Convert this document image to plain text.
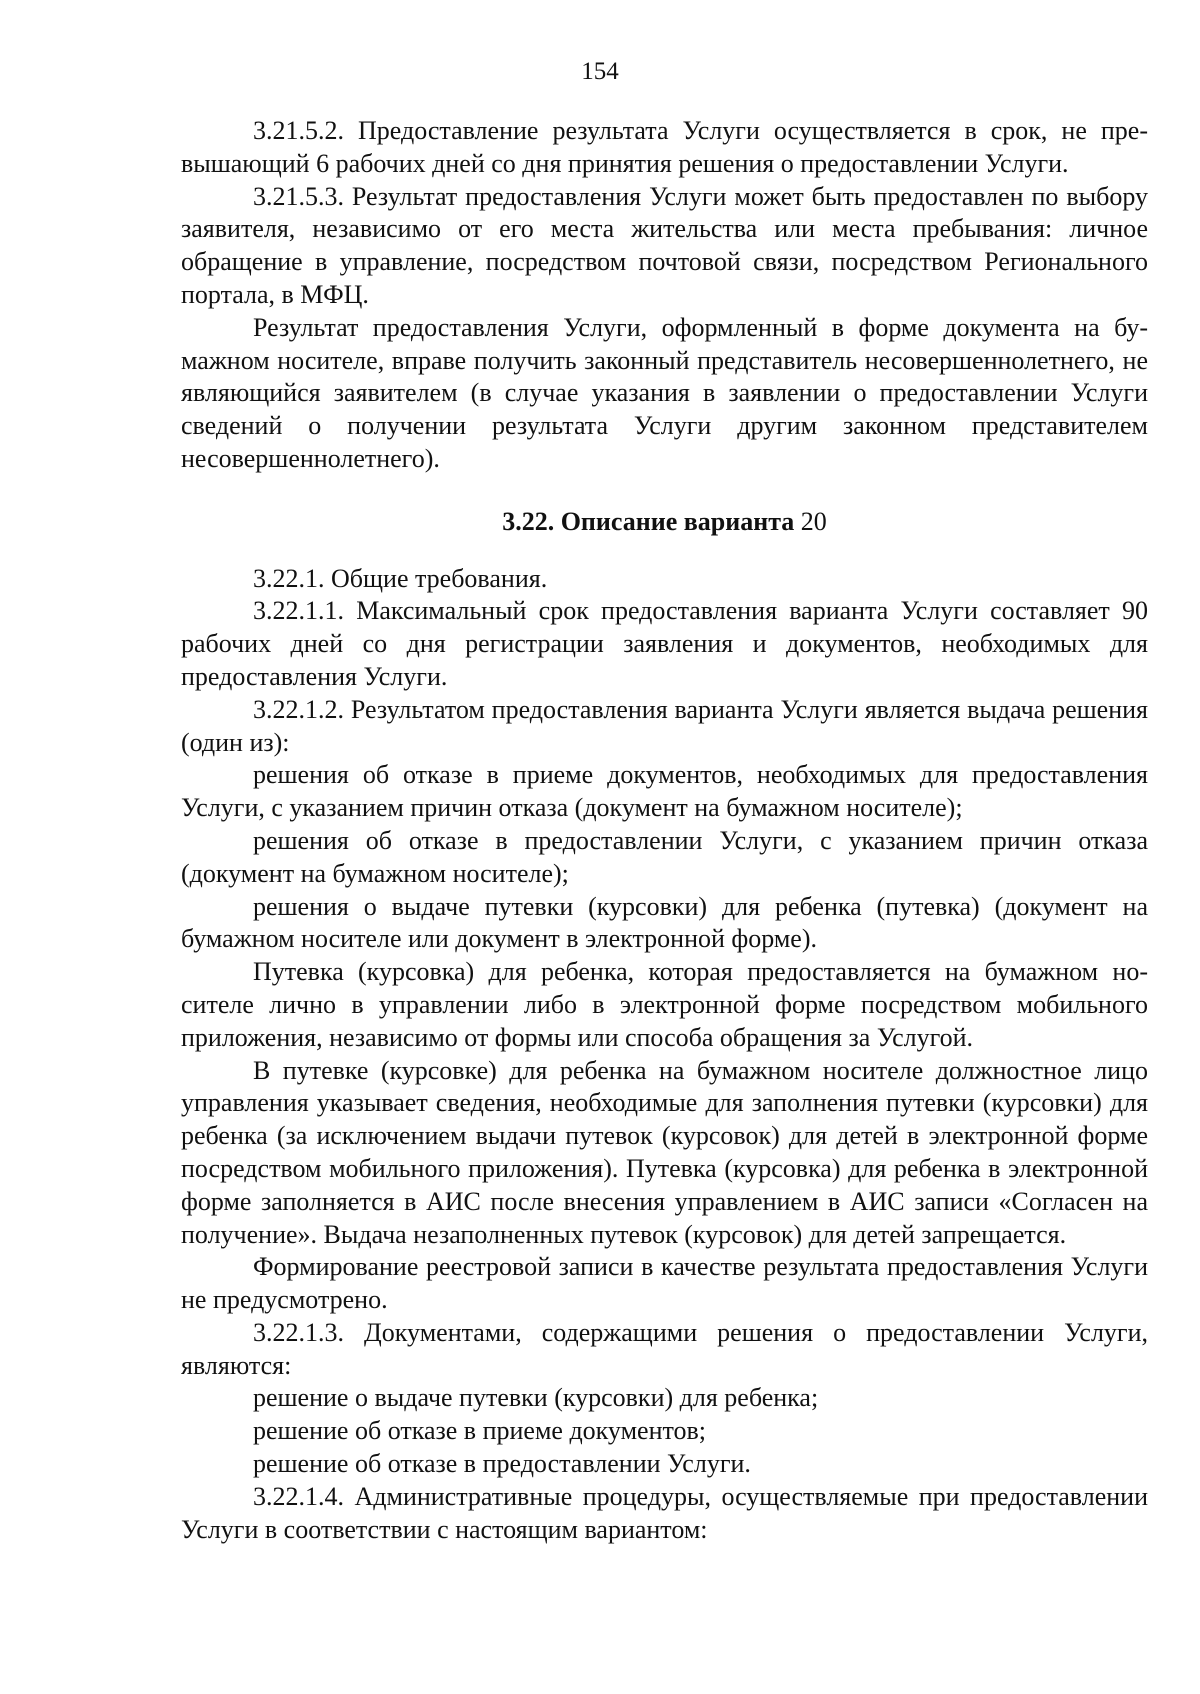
154

3.21.5.2. Предоставление результата Услуги осуществляется в срок, не превышающий 6 рабочих дней со дня принятия решения о предоставлении Услуги.

3.21.5.3. Результат предоставления Услуги может быть предоставлен по выбору заявителя, независимо от его места жительства или места пребывания: личное обращение в управление, посредством почтовой связи, посредством Регионального портала, в МФЦ.

Результат предоставления Услуги, оформленный в форме документа на бумажном носителе, вправе получить законный представитель несовершеннолетнего, не являющийся заявителем (в случае указания в заявлении о предоставлении Услуги сведений о получении результата Услуги другим законном представителем несовершеннолетнего).

3.22. Описание варианта 20

3.22.1. Общие требования.

3.22.1.1. Максимальный срок предоставления варианта Услуги составляет 90 рабочих дней со дня регистрации заявления и документов, необходимых для предоставления Услуги.

3.22.1.2. Результатом предоставления варианта Услуги является выдача решения (один из):

решения об отказе в приеме документов, необходимых для предоставления Услуги, с указанием причин отказа (документ на бумажном носителе);

решения об отказе в предоставлении Услуги, с указанием причин отказа (документ на бумажном носителе);

решения о выдаче путевки (курсовки) для ребенка (путевка) (документ на бумажном носителе или документ в электронной форме).

Путевка (курсовка) для ребенка, которая предоставляется на бумажном носителе лично в управлении либо в электронной форме посредством мобильного приложения, независимо от формы или способа обращения за Услугой.

В путевке (курсовке) для ребенка на бумажном носителе должностное лицо управления указывает сведения, необходимые для заполнения путевки (курсовки) для ребенка (за исключением выдачи путевок (курсовок) для детей в электронной форме посредством мобильного приложения). Путевка (курсовка) для ребенка в электронной форме заполняется в АИС после внесения управлением в АИС записи «Согласен на получение». Выдача незаполненных путевок (курсовок) для детей запрещается.

Формирование реестровой записи в качестве результата предоставления Услуги не предусмотрено.

3.22.1.3. Документами, содержащими решения о предоставлении Услуги, являются:

решение о выдаче путевки (курсовки) для ребенка;

решение об отказе в приеме документов;

решение об отказе в предоставлении Услуги.

3.22.1.4. Административные процедуры, осуществляемые при предоставлении Услуги в соответствии с настоящим вариантом:
